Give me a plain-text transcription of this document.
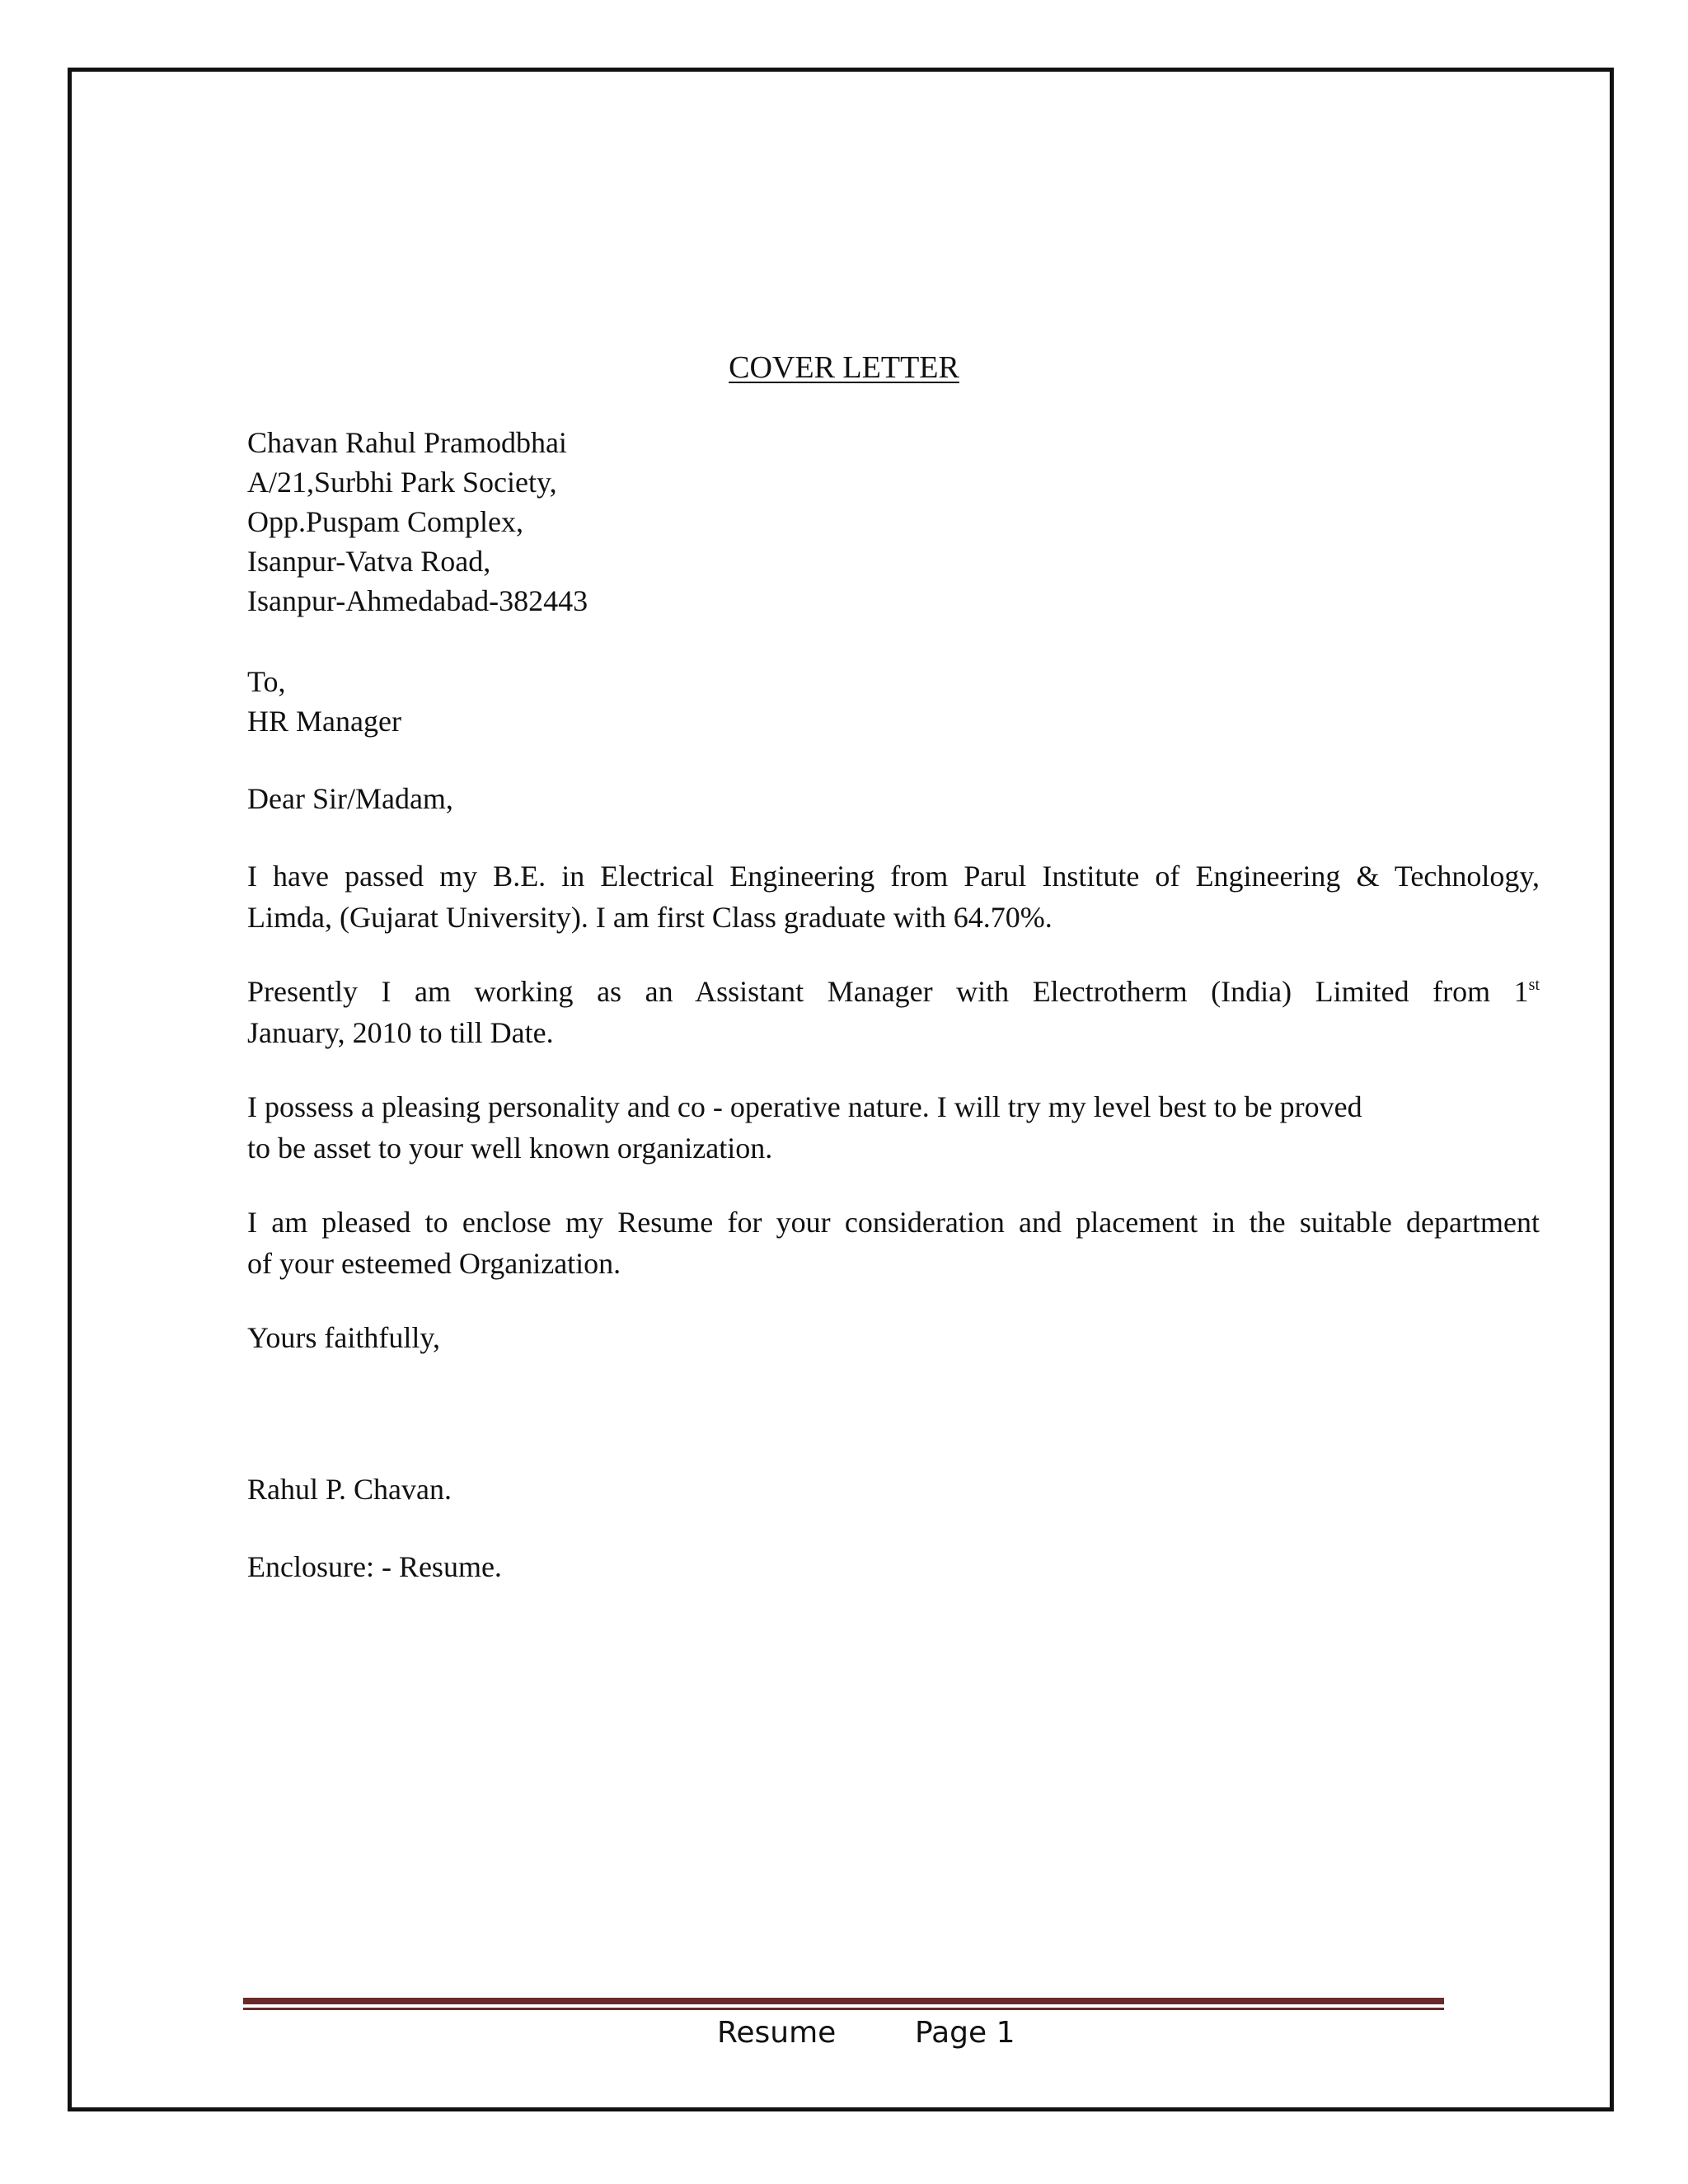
COVER LETTER
Chavan Rahul Pramodbhai
A/21,Surbhi Park Society,
Opp.Puspam Complex,
Isanpur-Vatva Road,
Isanpur-Ahmedabad-382443
To,
HR Manager
Dear Sir/Madam,
I have passed my B.E. in Electrical Engineering from Parul Institute of Engineering & Technology,
Limda, (Gujarat University). I am first Class graduate with 64.70%.
Presently I am working as an Assistant Manager with Electrotherm (India) Limited from 1st
January, 2010 to till Date.
I possess a pleasing personality and co - operative nature. I will try my level best to be proved
to be asset to your well known organization.
I am pleased to enclose my Resume for your consideration and placement in the suitable department
of your esteemed Organization.
Yours faithfully,
Rahul P. Chavan.
Enclosure: - Resume.
Resume	Page 1
